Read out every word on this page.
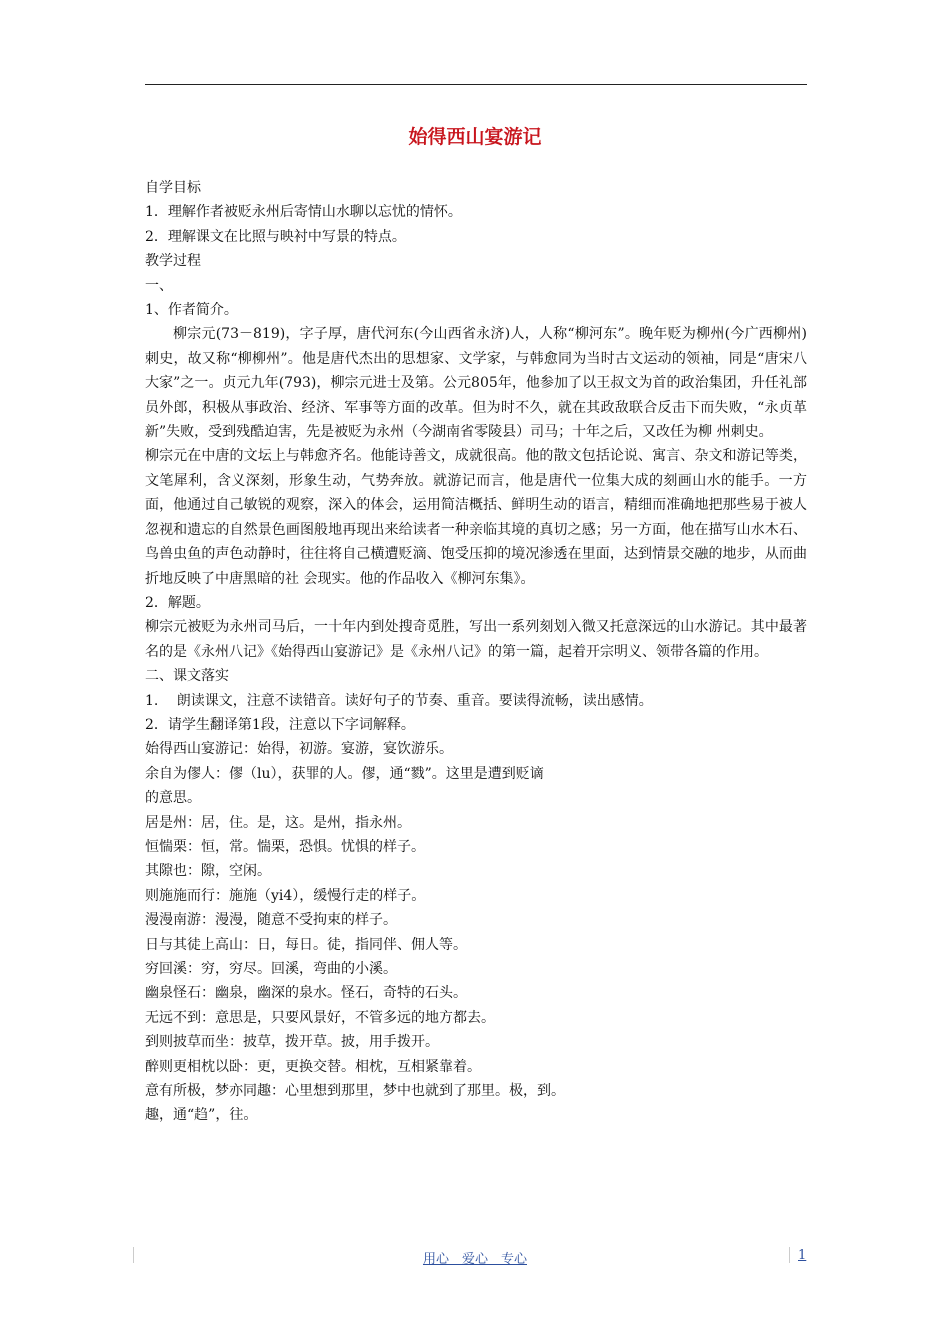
始得西山宴游记

自学目标

1．理解作者被贬永州后寄情山水聊以忘忧的情怀。

2．理解课文在比照与映衬中写景的特点。

教学过程

一、

1、作者简介。

柳宗元(73－819)，字子厚，唐代河东(今山西省永济)人，人称“柳河东”。晚年贬为柳州(今广西柳州)刺史，故又称“柳柳州”。他是唐代杰出的思想家、文学家，与韩愈同为当时古文运动的领袖，同是“唐宋八大家”之一。贞元九年(793)，柳宗元进士及第。公元805年，他参加了以王叔文为首的政治集团，升任礼部员外郎，积极从事政治、经济、军事等方面的改革。但为时不久，就在其政敌联合反击下而失败，“永贞革新”失败，受到残酷迫害，先是被贬为永州（今湖南省零陵县）司马；十年之后，又改任为柳 州刺史。

柳宗元在中唐的文坛上与韩愈齐名。他能诗善文，成就很高。他的散文包括论说、寓言、杂文和游记等类，文笔犀利，含义深刻，形象生动，气势奔放。就游记而言，他是唐代一位集大成的刻画山水的能手。一方面，他通过自己敏锐的观察，深入的体会，运用简洁概括、鲜明生动的语言，精细而准确地把那些易于被人忽视和遗忘的自然景色画图般地再现出来给读者一种亲临其境的真切之感；另一方面，他在描写山水木石、鸟兽虫鱼的声色动静时，往往将自己横遭贬滴、饱受压抑的境况渗透在里面，达到情景交融的地步，从而曲折地反映了中唐黑暗的社 会现实。他的作品收入《柳河东集》。

2．解题。

柳宗元被贬为永州司马后，一十年内到处搜奇觅胜，写出一系列刻划入微又托意深远的山水游记。其中最著名的是《永州八记》《始得西山宴游记》是《永州八记》的第一篇，起着开宗明义、领带各篇的作用。

二、课文落实

1.　 朗读课文，注意不读错音。读好句子的节奏、重音。要读得流畅，读出感情。

2．请学生翻译第1段，注意以下字词解释。

始得西山宴游记：始得，初游。宴游，宴饮游乐。

余自为僇人：僇（lu），获罪的人。僇，通“戮”。这里是遭到贬谪

的意思。

居是州：居，住。是，这。是州，指永州。

恒惴栗：恒，常。惴栗，恐惧。忧惧的样子。

其隙也：隙，空闲。

则施施而行：施施（yi4），缓慢行走的样子。

漫漫南游：漫漫，随意不受拘束的样子。

日与其徒上高山：日，每日。徒，指同伴、佣人等。

穷回溪：穷，穷尽。回溪，弯曲的小溪。

幽泉怪石：幽泉，幽深的泉水。怪石，奇特的石头。

无远不到：意思是，只要风景好，不管多远的地方都去。

到则披草而坐：披草，拨开草。披，用手拨开。

醉则更相枕以卧：更，更换交替。相枕，互相紧靠着。

意有所极，梦亦同趣：心里想到那里，梦中也就到了那里。极，到。

趣，通“趋”，往。

用心　爱心　专心	1
